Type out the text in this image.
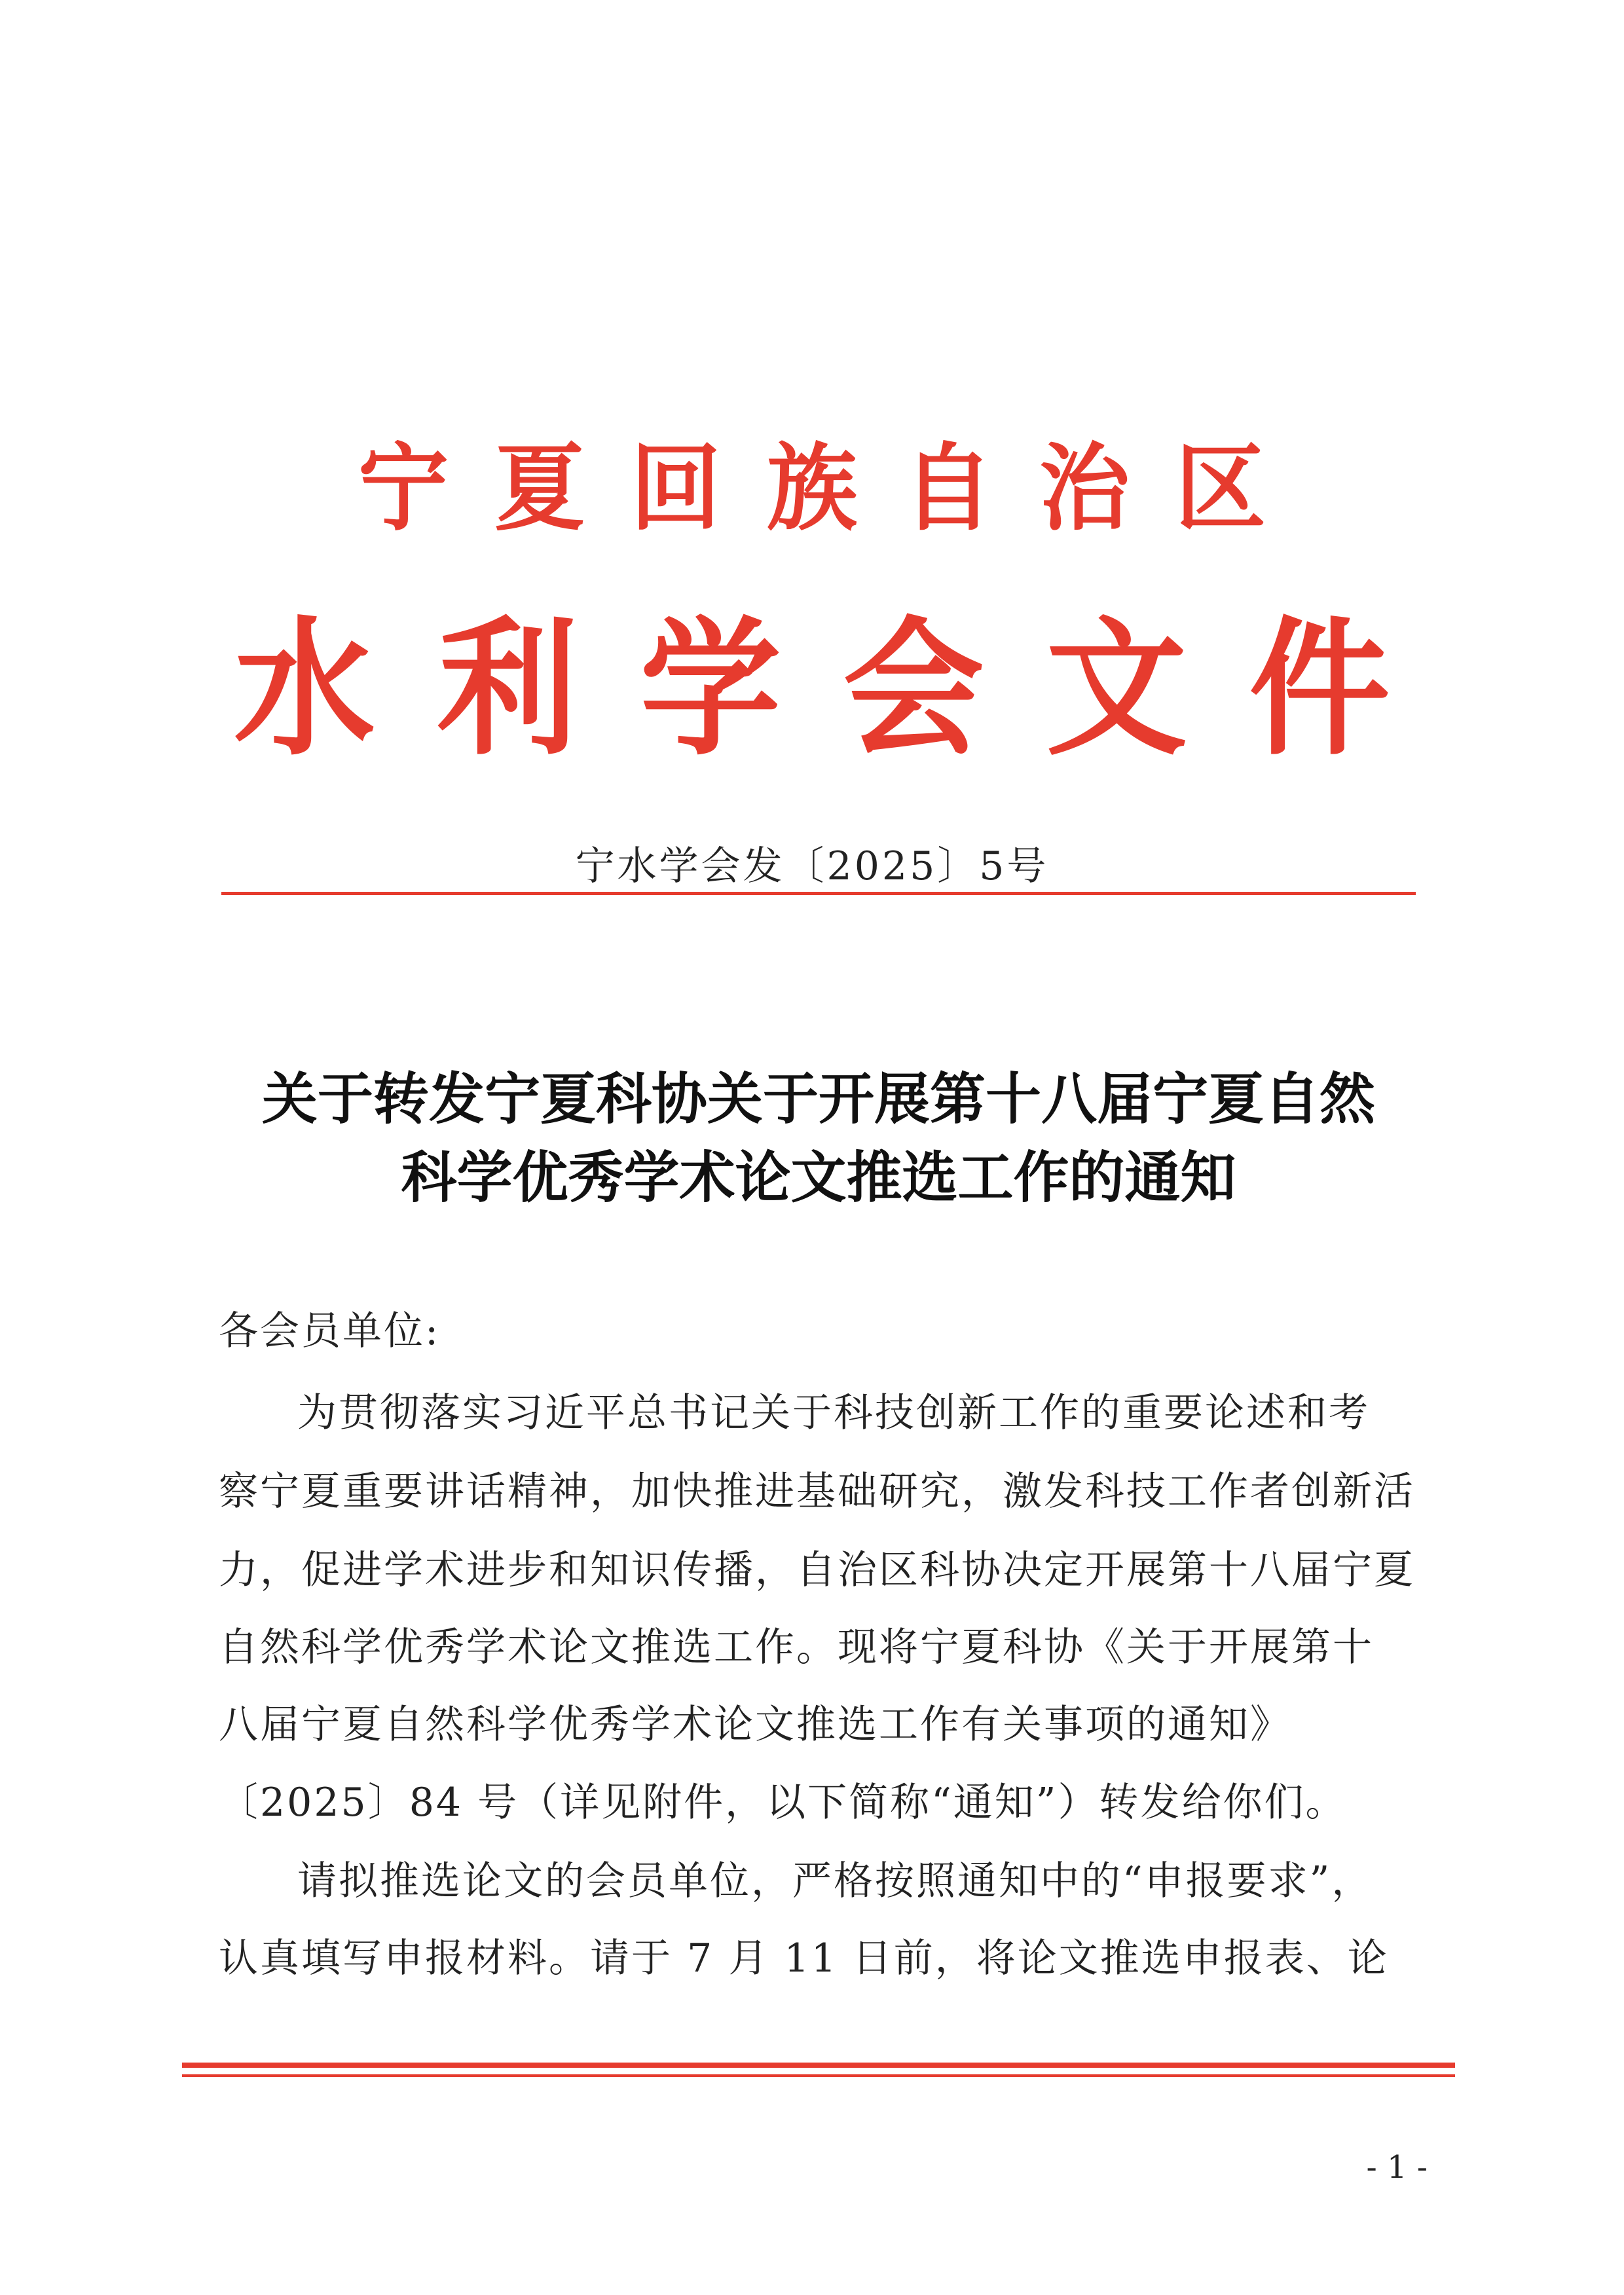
宁夏回族自治区
水利学会文件
宁水学会发〔2025〕5号
关于转发宁夏科协关于开展第十八届宁夏自然
科学优秀学术论文推选工作的通知
各会员单位:
为贯彻落实习近平总书记关于科技创新工作的重要论述和考
察宁夏重要讲话精神，加快推进基础研究，激发科技工作者创新活
力，促进学术进步和知识传播，自治区科协决定开展第十八届宁夏
自然科学优秀学术论文推选工作。现将宁夏科协《关于开展第十
八届宁夏自然科学优秀学术论文推选工作有关事项的通知》
〔2025〕84 号（详见附件，以下简称“通知”）转发给你们。
请拟推选论文的会员单位，严格按照通知中的“申报要求”，
认真填写申报材料。请于 7 月 11 日前，将论文推选申报表、论
- 1 -
